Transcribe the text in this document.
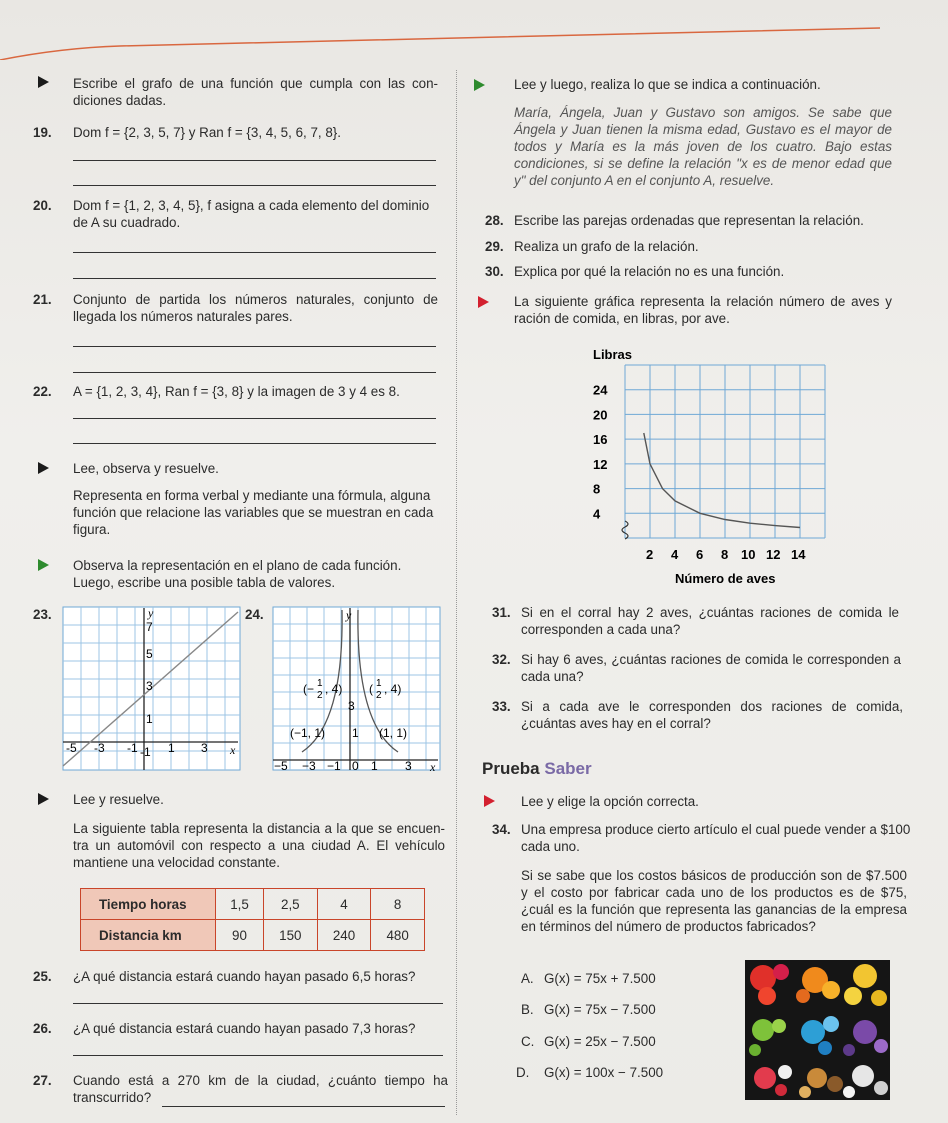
Escribe el grafo de una función que cumpla con las con- diciones dadas.
19. Dom f = {2, 3, 5, 7} y Ran f = {3, 4, 5, 6, 7, 8}.
20. Dom f = {1, 2, 3, 4, 5}, f asigna a cada elemento del dominio de A su cuadrado.
21. Conjunto de partida los números naturales, conjunto de llegada los números naturales pares.
22. A = {1, 2, 3, 4}, Ran f = {3, 8} y la imagen de 3 y 4 es 8.
Lee, observa y resuelve.
Representa en forma verbal y mediante una fórmula, alguna función que relacione las variables que se muestran en cada figura.
Observa la representación en el plano de cada función. Luego, escribe una posible tabla de valores.
23.	y
x
7
5
3
1
-1
-5 -3 -1	1 3
24.	y
x
(− 1
2 , 4) ( 1
2 , 4)
3
1
(−1, 1)	(1, 1)
−5 −3 −1 0 1 3
Lee y resuelve.
La siguiente tabla representa la distancia a la que se encuen- tra un automóvil con respecto a una ciudad A. El vehículo mantiene una velocidad constante.
Tiempo horas	1,5	2,5	4	8
Distancia km	90	150	240	480
25. ¿A qué distancia estará cuando hayan pasado 6,5 horas?
26. ¿A qué distancia estará cuando hayan pasado 7,3 horas?
27. Cuando está a 270 km de la ciudad, ¿cuánto tiempo ha transcurrido?
Lee y luego, realiza lo que se indica a continuación.
María, Ángela, Juan y Gustavo son amigos. Se sabe que Ángela y Juan tienen la misma edad, Gustavo es el mayor de todos y María es la más joven de los cuatro. Bajo estas condiciones, si se define la relación "x es de menor edad que y" del conjunto A en el conjunto A, resuelve.
28. Escribe las parejas ordenadas que representan la relación.
29. Realiza un grafo de la relación.
30. Explica por qué la relación no es una función.
La siguiente gráfica representa la relación número de aves y ración de comida, en libras, por ave.
Libras
Número de aves
24
20
16
12
8
4
2 4 6 8 10 12 14
31. Si en el corral hay 2 aves, ¿cuántas raciones de comida le corresponden a cada una?
32. Si hay 6 aves, ¿cuántas raciones de comida le corresponden a cada una?
33. Si a cada ave le corresponden dos raciones de comida, ¿cuántas aves hay en el corral?
Prueba Saber
Lee y elige la opción correcta.
34. Una empresa produce cierto artículo el cual puede vender a $100 cada uno.
Si se sabe que los costos básicos de producción son de $7.500 y el costo por fabricar cada uno de los productos es de $75, ¿cuál es la función que representa las ganancias de la empresa en términos del número de productos fabricados?
A. G(x) = 75x + 7.500
B. G(x) = 75x − 7.500
C. G(x) = 25x − 7.500
D. G(x) = 100x − 7.500
